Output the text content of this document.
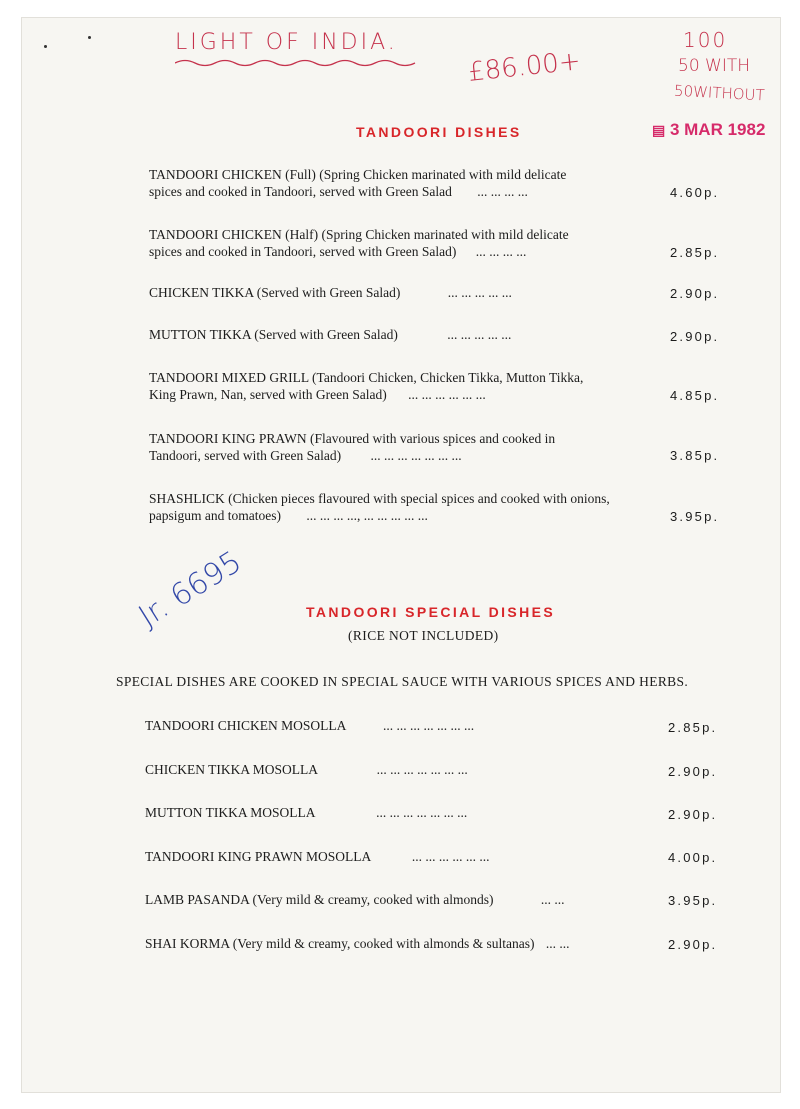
LIGHT OF INDIA.
£86.00+
100
50 WITH
50WITHOUT
▤ 3 MAR 1982
TANDOORI DISHES
TANDOORI CHICKEN (Full) (Spring Chicken marinated with mild delicate
spices and cooked in Tandoori, served with Green Salad ... ... ... ...	4.60p.
TANDOORI CHICKEN (Half) (Spring Chicken marinated with mild delicate
spices and cooked in Tandoori, served with Green Salad) ... ... ... ...	2.85p.
CHICKEN TIKKA (Served with Green Salad)	... ... ... ... ...	2.90p.
MUTTON TIKKA (Served with Green Salad)	... ... ... ... ...	2.90p.
TANDOORI MIXED GRILL (Tandoori Chicken, Chicken Tikka, Mutton Tikka,
King Prawn, Nan, served with Green Salad) ... ... ... ... ... ...	4.85p.
TANDOORI KING PRAWN (Flavoured with various spices and cooked in
Tandoori, served with Green Salad) ... ... ... ... ... ... ...	3.85p.
SHASHLICK (Chicken pieces flavoured with special spices and cooked with onions,
papsigum and tomatoes) ... ... ... ..., ... ... ... ... ...	3.95p.
Jr. 6695	TANDOORI SPECIAL DISHES
(RICE NOT INCLUDED)
SPECIAL DISHES ARE COOKED IN SPECIAL SAUCE WITH VARIOUS SPICES AND HERBS.
TANDOORI CHICKEN MOSOLLA	... ... ... ... ... ... ...	2.85p.
CHICKEN TIKKA MOSOLLA	... ... ... ... ... ... ...	2.90p.
MUTTON TIKKA MOSOLLA	... ... ... ... ... ... ...	2.90p.
TANDOORI KING PRAWN MOSOLLA	... ... ... ... ... ...	4.00p.
LAMB PASANDA (Very mild & creamy, cooked with almonds)	... ...	3.95p.
SHAI KORMA (Very mild & creamy, cooked with almonds & sultanas) ... ...	2.90p.
